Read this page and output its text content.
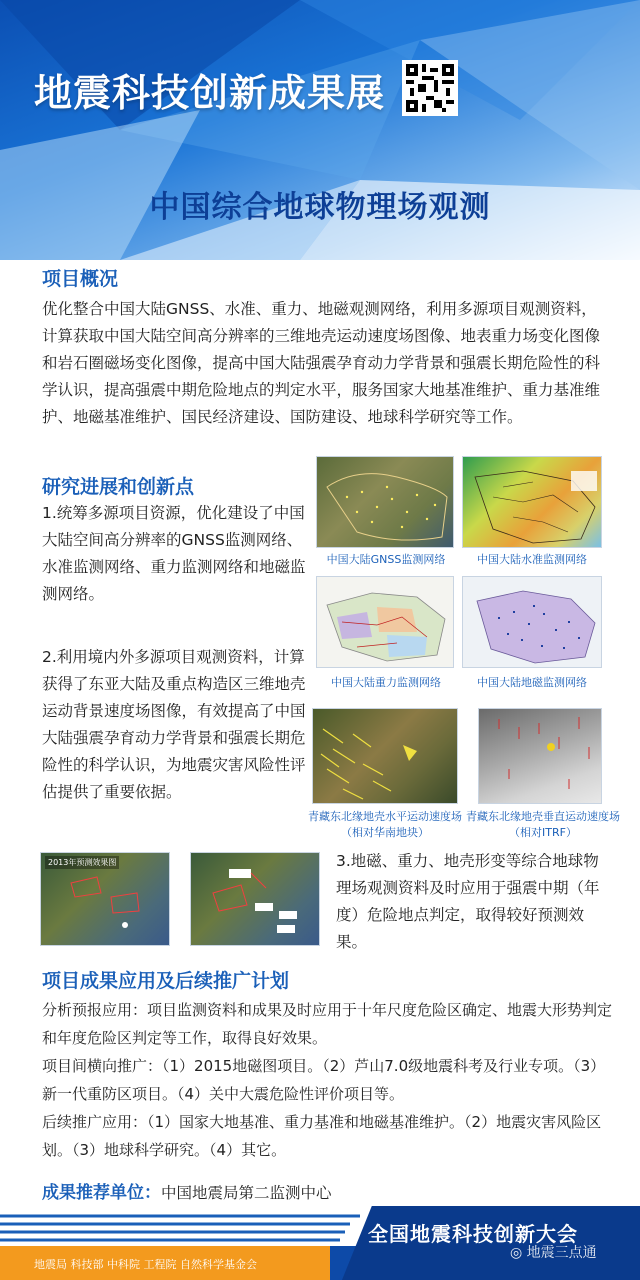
地震科技创新成果展
中国综合地球物理场观测
项目概况
优化整合中国大陆GNSS、水准、重力、地磁观测网络，利用多源项目观测资料，计算获取中国大陆空间高分辨率的三维地壳运动速度场图像、地表重力场变化图像和岩石圈磁场变化图像，提高中国大陆强震孕育动力学背景和强震长期危险性的科学认识，提高强震中期危险地点的判定水平，服务国家大地基准维护、重力基准维护、地磁基准维护、国民经济建设、国防建设、地球科学研究等工作。
研究进展和创新点
1.统筹多源项目资源，优化建设了中国大陆空间高分辨率的GNSS监测网络、水准监测网络、重力监测网络和地磁监测网络。
2.利用境内外多源项目观测资料，计算获得了东亚大陆及重点构造区三维地壳运动背景速度场图像，有效提高了中国大陆强震孕育动力学背景和强震长期危险性的科学认识，为地震灾害风险性评估提供了重要依据。
中国大陆GNSS监测网络	中国大陆水准监测网络
中国大陆重力监测网络	中国大陆地磁监测网络
青藏东北缘地壳水平运动速度场
（相对华南地块）
青藏东北缘地壳垂直运动速度场
（相对ITRF）
2013年预测效果图	3.地磁、重力、地壳形变等综合地球物理场观测资料及时应用于强震中期（年度）危险地点判定，取得较好预测效果。
项目成果应用及后续推广计划
分析预报应用：项目监测资料和成果及时应用于十年尺度危险区确定、地震大形势判定和年度危险区判定等工作，取得良好效果。
项目间横向推广：（1）2015地磁图项目。（2）芦山7.0级地震科考及行业专项。（3）新一代重防区项目。（4）关中大震危险性评价项目等。
后续推广应用：（1）国家大地基准、重力基准和地磁基准维护。（2）地震灾害风险区划。（3）地球科学研究。（4）其它。
成果推荐单位：中国地震局第二监测中心
地震局 科技部 中科院 工程院 自然科学基金会
全国地震科技创新大会
◎ 地震三点通
